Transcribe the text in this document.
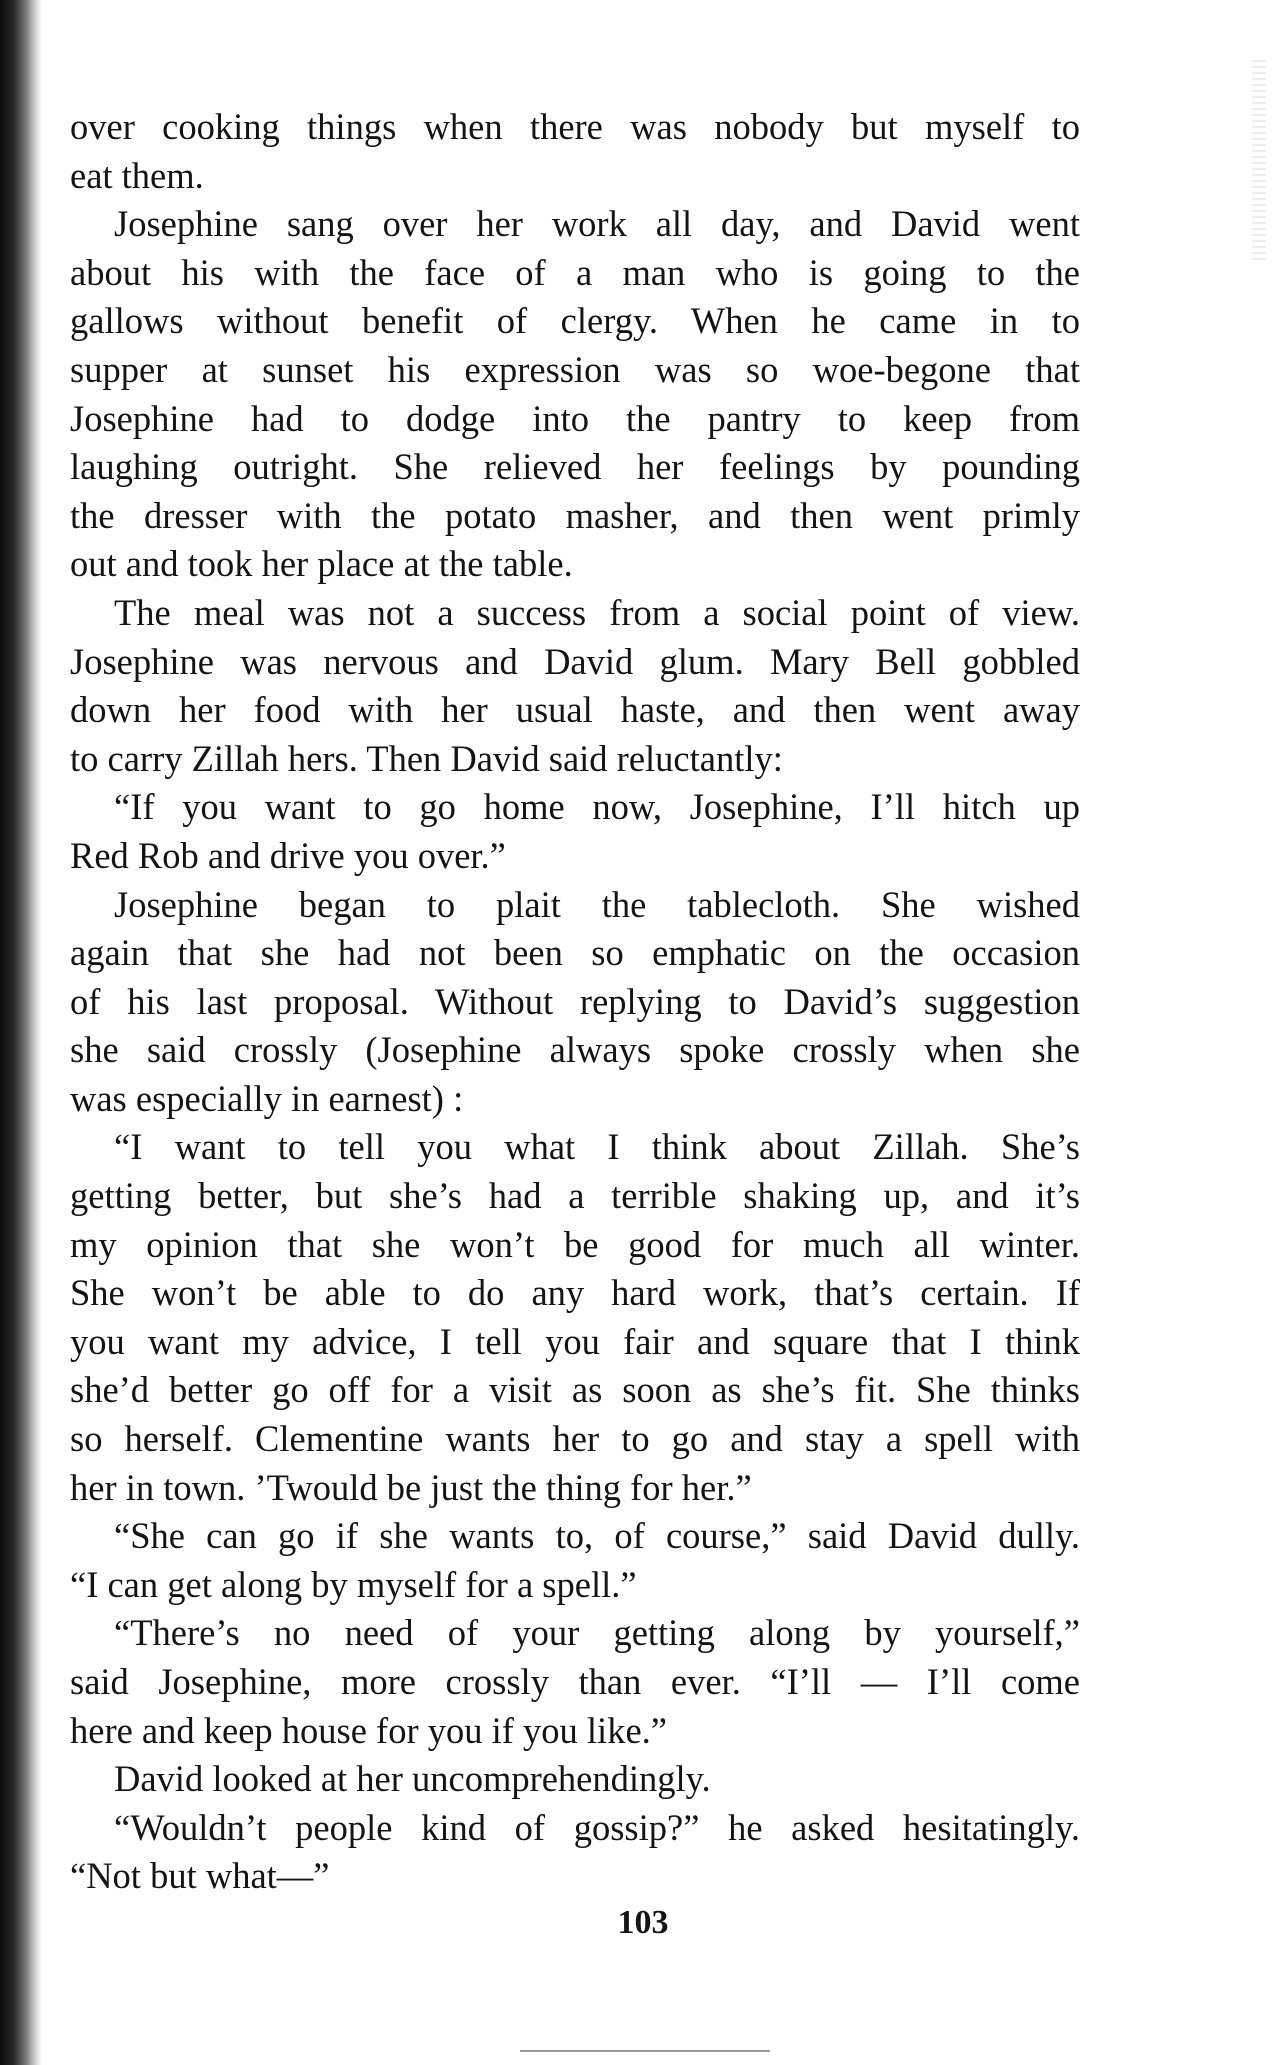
over cooking things when there was nobody but myself to
eat them.
Josephine sang over her work all day, and David went
about his with the face of a man who is going to the
gallows without benefit of clergy. When he came in to
supper at sunset his expression was so woe-begone that
Josephine had to dodge into the pantry to keep from
laughing outright. She relieved her feelings by pounding
the dresser with the potato masher, and then went primly
out and took her place at the table.
The meal was not a success from a social point of view.
Josephine was nervous and David glum. Mary Bell gobbled
down her food with her usual haste, and then went away
to carry Zillah hers. Then David said reluctantly:
“If you want to go home now, Josephine, I’ll hitch up
Red Rob and drive you over.”
Josephine began to plait the tablecloth. She wished
again that she had not been so emphatic on the occasion
of his last proposal. Without replying to David’s suggestion
she said crossly (Josephine always spoke crossly when she
was especially in earnest) :
“I want to tell you what I think about Zillah. She’s
getting better, but she’s had a terrible shaking up, and it’s
my opinion that she won’t be good for much all winter.
She won’t be able to do any hard work, that’s certain. If
you want my advice, I tell you fair and square that I think
she’d better go off for a visit as soon as she’s fit. She thinks
so herself. Clementine wants her to go and stay a spell with
her in town. ’Twould be just the thing for her.”
“She can go if she wants to, of course,” said David dully.
“I can get along by myself for a spell.”
“There’s no need of your getting along by yourself,”
said Josephine, more crossly than ever. “I’ll — I’ll come
here and keep house for you if you like.”
David looked at her uncomprehendingly.
“Wouldn’t people kind of gossip?” he asked hesitatingly.
“Not but what—”
103
